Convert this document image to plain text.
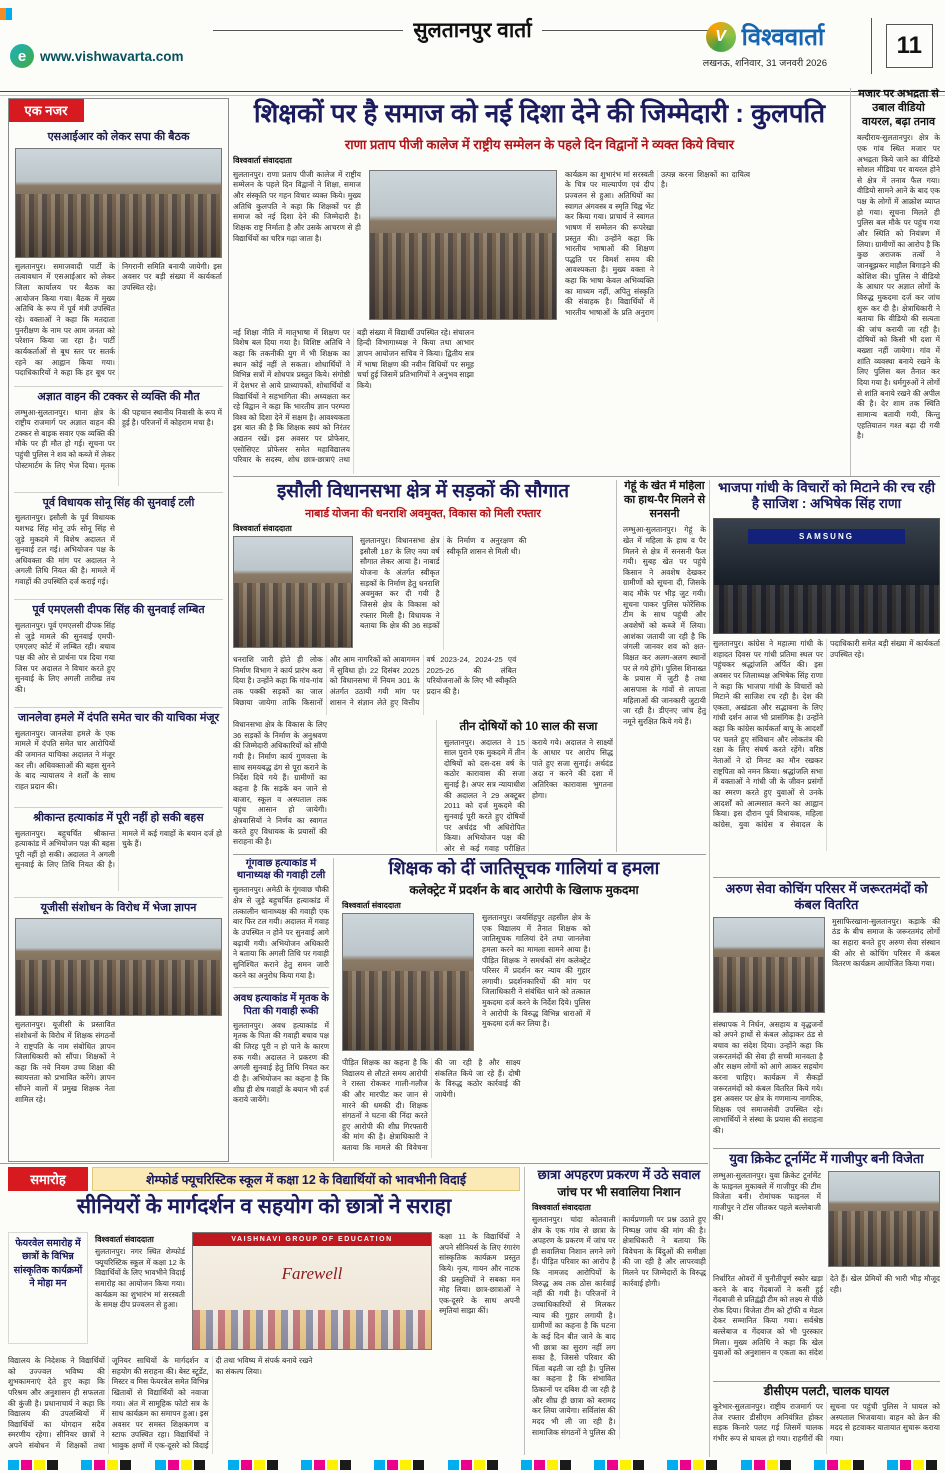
सुलतानपुर वार्ता
e	www.vishwavarta.com
V विश्ववार्ता
लखनऊ, शनिवार, 31 जनवरी 2026
11
एक नजर
एसआईआर को लेकर सपा की बैठक
सुलतानपुर। समाजवादी पार्टी के तत्वावधान में एसआईआर को लेकर जिला कार्यालय पर बैठक का आयोजन किया गया। बैठक में मुख्य अतिथि के रूप में पूर्व मंत्री उपस्थित रहे। वक्ताओं ने कहा कि मतदाता पुनरीक्षण के नाम पर आम जनता को परेशान किया जा रहा है। पार्टी कार्यकर्ताओं से बूथ स्तर पर सतर्क रहने का आह्वान किया गया। पदाधिकारियों ने कहा कि हर बूथ पर निगरानी समिति बनायी जायेगी। इस अवसर पर बड़ी संख्या में कार्यकर्ता उपस्थित रहे।
अज्ञात वाहन की टक्कर से व्यक्ति की मौत
लम्भुआ-सुलतानपुर। थाना क्षेत्र के राष्ट्रीय राजमार्ग पर अज्ञात वाहन की टक्कर से बाइक सवार एक व्यक्ति की मौके पर ही मौत हो गई। सूचना पर पहुंची पुलिस ने शव को कब्जे में लेकर पोस्टमार्टम के लिए भेज दिया। मृतक की पहचान स्थानीय निवासी के रूप में हुई है। परिजनों में कोहराम मचा है।
पूर्व विधायक सोनू सिंह की सुनवाई टली
सुलतानपुर। इसौली के पूर्व विधायक यशभद्र सिंह मोनू उर्फ सोनू सिंह से जुड़े मुकदमे में विशेष अदालत में सुनवाई टल गई। अभियोजन पक्ष के अधिवक्ता की मांग पर अदालत ने अगली तिथि नियत की है। मामले में गवाहों की उपस्थिति दर्ज कराई गई।
पूर्व एमएलसी दीपक सिंह की सुनवाई लम्बित
सुलतानपुर। पूर्व एमएलसी दीपक सिंह से जुड़े मामले की सुनवाई एमपी-एमएलए कोर्ट में लम्बित रही। बचाव पक्ष की ओर से प्रार्थना पत्र दिया गया जिस पर अदालत ने विचार करते हुए सुनवाई के लिए अगली तारीख तय की।
जानलेवा हमले में दंपति समेत चार की याचिका मंजूर
सुलतानपुर। जानलेवा हमले के एक मामले में दंपति समेत चार आरोपियों की जमानत याचिका अदालत ने मंजूर कर ली। अधिवक्ताओं की बहस सुनने के बाद न्यायालय ने शर्तों के साथ राहत प्रदान की।
श्रीकान्त हत्याकांड में पूरी नहीं हो सकी बहस
सुलतानपुर। बहुचर्चित श्रीकान्त हत्याकांड में अभियोजन पक्ष की बहस पूरी नहीं हो सकी। अदालत ने अगली सुनवाई के लिए तिथि नियत की है। मामले में कई गवाहों के बयान दर्ज हो चुके हैं।
यूजीसी संशोधन के विरोध में भेजा ज्ञापन
सुलतानपुर। यूजीसी के प्रस्तावित संशोधनों के विरोध में शिक्षक संगठनों ने राष्ट्रपति के नाम संबोधित ज्ञापन जिलाधिकारी को सौंपा। शिक्षकों ने कहा कि नये नियम उच्च शिक्षा की स्वायत्तता को प्रभावित करेंगे। ज्ञापन सौंपने वालों में प्रमुख शिक्षक नेता शामिल रहे।
शिक्षकों पर है समाज को नई दिशा देने की जिम्मेदारी : कुलपति
राणा प्रताप पीजी कालेज में राष्ट्रीय सम्मेलन के पहले दिन विद्वानों ने व्यक्त किये विचार
विश्ववार्ता संवाददाता
सुलतानपुर। राणा प्रताप पीजी कालेज में राष्ट्रीय सम्मेलन के पहले दिन विद्वानों ने शिक्षा, समाज और संस्कृति पर गहन विचार व्यक्त किये। मुख्य अतिथि कुलपति ने कहा कि शिक्षकों पर ही समाज को नई दिशा देने की जिम्मेदारी है। शिक्षक राष्ट्र निर्माता है और उसके आचरण से ही विद्यार्थियों का चरित्र गढ़ा जाता है।
कार्यक्रम का शुभारंभ मां सरस्वती के चित्र पर माल्यार्पण एवं दीप प्रज्वलन से हुआ। अतिथियों का स्वागत अंगवस्त्र व स्मृति चिह्न भेंट कर किया गया। प्राचार्य ने स्वागत भाषण में सम्मेलन की रूपरेखा प्रस्तुत की। उन्होंने कहा कि भारतीय भाषाओं की शिक्षण पद्धति पर विमर्श समय की आवश्यकता है। मुख्य वक्ता ने कहा कि भाषा केवल अभिव्यक्ति का माध्यम नहीं, अपितु संस्कृति की संवाहक है। विद्यार्थियों में भारतीय भाषाओं के प्रति अनुराग उत्पन्न करना शिक्षकों का दायित्व है।
नई शिक्षा नीति में मातृभाषा में शिक्षण पर विशेष बल दिया गया है। विशिष्ट अतिथि ने कहा कि तकनीकी युग में भी शिक्षक का स्थान कोई नहीं ले सकता। शोधार्थियों ने विभिन्न सत्रों में शोधपत्र प्रस्तुत किये। संगोष्ठी में देशभर से आये प्राध्यापकों, शोधार्थियों व विद्यार्थियों ने सहभागिता की। अध्यक्षता कर रहे विद्वान ने कहा कि भारतीय ज्ञान परम्परा विश्व को दिशा देने में सक्षम है। आवश्यकता इस बात की है कि शिक्षक स्वयं को निरंतर अद्यतन रखें। इस अवसर पर प्रोफेसर, एसोसिएट प्रोफेसर समेत महाविद्यालय परिवार के सदस्य, शोध छात्र-छात्राएं तथा बड़ी संख्या में विद्यार्थी उपस्थित रहे। संचालन हिन्दी विभागाध्यक्ष ने किया तथा आभार ज्ञापन आयोजन सचिव ने किया। द्वितीय सत्र में भाषा शिक्षण की नवीन विधियों पर समूह चर्चा हुई जिसमें प्रतिभागियों ने अनुभव साझा किये।
मजार पर अभद्रता से उबाल वीडियो वायरल, बढ़ा तनाव
बल्दीराय-सुलतानपुर। क्षेत्र के एक गांव स्थित मजार पर अभद्रता किये जाने का वीडियो सोशल मीडिया पर वायरल होने से क्षेत्र में तनाव फैल गया। वीडियो सामने आने के बाद एक पक्ष के लोगों में आक्रोश व्याप्त हो गया। सूचना मिलते ही पुलिस बल मौके पर पहुंच गया और स्थिति को नियंत्रण में लिया। ग्रामीणों का आरोप है कि कुछ अराजक तत्वों ने जानबूझकर माहौल बिगाड़ने की कोशिश की। पुलिस ने वीडियो के आधार पर अज्ञात लोगों के विरुद्ध मुकदमा दर्ज कर जांच शुरू कर दी है। क्षेत्राधिकारी ने बताया कि वीडियो की सत्यता की जांच करायी जा रही है। दोषियों को किसी भी दशा में बख्शा नहीं जायेगा। गांव में शांति व्यवस्था बनाये रखने के लिए पुलिस बल तैनात कर दिया गया है। धर्मगुरुओं ने लोगों से शांति बनाये रखने की अपील की है। देर शाम तक स्थिति सामान्य बतायी गयी, किन्तु एहतियातन गश्त बढ़ा दी गयी है।
इसौली विधानसभा क्षेत्र में सड़कों की सौगात
नाबार्ड योजना की धनराशि अवमुक्त, विकास को मिली रफ्तार
विश्ववार्ता संवाददाता
सुलतानपुर। विधानसभा क्षेत्र इसौली 187 के लिए नया वर्ष सौगात लेकर आया है। नाबार्ड योजना के अंतर्गत स्वीकृत सड़कों के निर्माण हेतु धनराशि अवमुक्त कर दी गयी है जिससे क्षेत्र के विकास को रफ्तार मिली है। विधायक ने बताया कि क्षेत्र की 36 सड़कों के निर्माण व अनुरक्षण की स्वीकृति शासन से मिली थी।
धनराशि जारी होते ही लोक निर्माण विभाग ने कार्य प्रारंभ करा दिया है। उन्होंने कहा कि गांव-गांव तक पक्की सड़कों का जाल बिछाया जायेगा ताकि किसानों और आम नागरिकों को आवागमन में सुविधा हो। 22 दिसंबर 2025 को विधानसभा में नियम 301 के अंतर्गत उठायी गयी मांग पर शासन ने संज्ञान लेते हुए वित्तीय वर्ष 2023-24, 2024-25 एवं 2025-26 की लंबित परियोजनाओं के लिए भी स्वीकृति प्रदान की है।
विधानसभा क्षेत्र के विकास के लिए 36 सड़कों के निर्माण के अनुश्रवण की जिम्मेदारी अधिकारियों को सौंपी गयी है। निर्माण कार्य गुणवत्ता के साथ समयबद्ध ढंग से पूरा कराने के निर्देश दिये गये हैं। ग्रामीणों का कहना है कि सड़कें बन जाने से बाजार, स्कूल व अस्पताल तक पहुंच आसान हो जायेगी। क्षेत्रवासियों ने निर्णय का स्वागत करते हुए विधायक के प्रयासों की सराहना की है।
तीन दोषियों को 10 साल की सजा
सुलतानपुर। अदालत ने 15 साल पुराने एक मुकदमे में तीन दोषियों को दस-दस वर्ष के कठोर कारावास की सजा सुनाई है। अपर सत्र न्यायाधीश की अदालत ने 29 अक्टूबर 2011 को दर्ज मुकदमे की सुनवाई पूरी करते हुए दोषियों पर अर्थदंड भी अधिरोपित किया। अभियोजन पक्ष की ओर से कई गवाह परीक्षित कराये गये। अदालत ने साक्ष्यों के आधार पर आरोप सिद्ध पाते हुए सजा सुनाई। अर्थदंड अदा न करने की दशा में अतिरिक्त कारावास भुगतना होगा।
गेहूं के खेत में महिला का हाथ-पैर मिलने से सनसनी
लम्भुआ-सुलतानपुर। गेहूं के खेत में महिला के हाथ व पैर मिलने से क्षेत्र में सनसनी फैल गयी। सुबह खेत पर पहुंचे किसान ने अवशेष देखकर ग्रामीणों को सूचना दी, जिसके बाद मौके पर भीड़ जुट गयी। सूचना पाकर पुलिस फोरेंसिक टीम के साथ पहुंची और अवशेषों को कब्जे में लिया। आशंका जतायी जा रही है कि जंगली जानवर शव को क्षत-विक्षत कर अलग-अलग स्थानों पर ले गये होंगे। पुलिस शिनाख्त के प्रयास में जुटी है तथा आसपास के गांवों से लापता महिलाओं की जानकारी जुटायी जा रही है। डीएनए जांच हेतु नमूने सुरक्षित किये गये हैं।
भाजपा गांधी के विचारों को मिटाने की रच रही है साजिश : अभिषेक सिंह राणा
SAMSUNG
सुलतानपुर। कांग्रेस ने महात्मा गांधी के शहादत दिवस पर गांधी प्रतिमा स्थल पर पहुंचकर श्रद्धांजलि अर्पित की। इस अवसर पर जिलाध्यक्ष अभिषेक सिंह राणा ने कहा कि भाजपा गांधी के विचारों को मिटाने की साजिश रच रही है। देश की एकता, अखंडता और सद्भावना के लिए गांधी दर्शन आज भी प्रासंगिक है। उन्होंने कहा कि कांग्रेस कार्यकर्ता बापू के आदर्शों पर चलते हुए संविधान और लोकतंत्र की रक्षा के लिए संघर्ष करते रहेंगे। वरिष्ठ नेताओं ने दो मिनट का मौन रखकर राष्ट्रपिता को नमन किया। श्रद्धांजलि सभा में वक्ताओं ने गांधी जी के जीवन प्रसंगों का स्मरण करते हुए युवाओं से उनके आदर्शों को आत्मसात करने का आह्वान किया। इस दौरान पूर्व विधायक, महिला कांग्रेस, युवा कांग्रेस व सेवादल के पदाधिकारी समेत बड़ी संख्या में कार्यकर्ता उपस्थित रहे।
अरुण सेवा कोचिंग परिसर में जरूरतमंदों को कंबल वितरित
मुसाफिरखाना-सुलतानपुर। कड़ाके की ठंड के बीच समाज के जरूरतमंद लोगों का सहारा बनते हुए अरुण सेवा संस्थान की ओर से कोचिंग परिसर में कंबल वितरण कार्यक्रम आयोजित किया गया।
संस्थापक ने निर्धन, असहाय व वृद्धजनों को अपने हाथों से कंबल ओढ़ाकर ठंड से बचाव का संदेश दिया। उन्होंने कहा कि जरूरतमंदों की सेवा ही सच्ची मानवता है और सक्षम लोगों को आगे आकर सहयोग करना चाहिए। कार्यक्रम में सैकड़ों जरूरतमंदों को कंबल वितरित किये गये। इस अवसर पर क्षेत्र के गणमान्य नागरिक, शिक्षक एवं समाजसेवी उपस्थित रहे। लाभार्थियों ने संस्था के प्रयास की सराहना की।
युवा क्रिकेट टूर्नामेंट में गाजीपुर बनी विजेता
लम्भुआ-सुलतानपुर। युवा क्रिकेट टूर्नामेंट के फाइनल मुकाबले में गाजीपुर की टीम विजेता बनी। रोमांचक फाइनल में गाजीपुर ने टॉस जीतकर पहले बल्लेबाजी की।
निर्धारित ओवरों में चुनौतीपूर्ण स्कोर खड़ा करने के बाद गेंदबाजों ने कसी हुई गेंदबाजी से प्रतिद्वंद्वी टीम को लक्ष्य से पीछे रोक दिया। विजेता टीम को ट्रॉफी व मेडल देकर सम्मानित किया गया। सर्वश्रेष्ठ बल्लेबाज व गेंदबाज को भी पुरस्कार मिला। मुख्य अतिथि ने कहा कि खेल युवाओं को अनुशासन व एकता का संदेश देते हैं। खेल प्रेमियों की भारी भीड़ मौजूद रही।
डीसीएम पलटी, चालक घायल
कूरेभार-सुलतानपुर। राष्ट्रीय राजमार्ग पर तेज रफ्तार डीसीएम अनियंत्रित होकर सड़क किनारे पलट गई जिसमें चालक गंभीर रूप से घायल हो गया। राहगीरों की सूचना पर पहुंची पुलिस ने घायल को अस्पताल भिजवाया। वाहन को क्रेन की मदद से हटवाकर यातायात सुचारू कराया गया।
गूंगवाछ हत्याकांड में थानाध्यक्ष की गवाही टली
सुलतानपुर। अमेठी के गूंगवाछ चौकी क्षेत्र से जुड़े बहुचर्चित हत्याकांड में तत्कालीन थानाध्यक्ष की गवाही एक बार फिर टल गयी। अदालत में गवाह के उपस्थित न होने पर सुनवाई आगे बढ़ायी गयी। अभियोजन अधिकारी ने बताया कि अगली तिथि पर गवाही सुनिश्चित कराने हेतु समन जारी करने का अनुरोध किया गया है।
अवध हत्याकांड में मृतक के पिता की गवाही रूकी
सुलतानपुर। अवध हत्याकांड में मृतक के पिता की गवाही बचाव पक्ष की जिरह पूरी न हो पाने के कारण रुक गयी। अदालत ने प्रकरण की अगली सुनवाई हेतु तिथि नियत कर दी है। अभियोजन का कहना है कि शीघ्र ही शेष गवाहों के बयान भी दर्ज कराये जायेंगे।
शिक्षक को दीं जातिसूचक गालियां व हमला
कलेक्ट्रेट में प्रदर्शन के बाद आरोपी के खिलाफ मुकदमा
विश्ववार्ता संवाददाता
सुलतानपुर। जयसिंहपुर तहसील क्षेत्र के एक विद्यालय में तैनात शिक्षक को जातिसूचक गालियां देने तथा जानलेवा हमला करने का मामला सामने आया है। पीड़ित शिक्षक ने समर्थकों संग कलेक्ट्रेट परिसर में प्रदर्शन कर न्याय की गुहार लगायी। प्रदर्शनकारियों की मांग पर जिलाधिकारी ने संबंधित थाने को तत्काल मुकदमा दर्ज करने के निर्देश दिये। पुलिस ने आरोपी के विरुद्ध विभिन्न धाराओं में मुकदमा दर्ज कर लिया है।
पीड़ित शिक्षक का कहना है कि विद्यालय से लौटते समय आरोपी ने रास्ता रोककर गाली-गलौज की और मारपीट कर जान से मारने की धमकी दी। शिक्षक संगठनों ने घटना की निंदा करते हुए आरोपी की शीघ्र गिरफ्तारी की मांग की है। क्षेत्राधिकारी ने बताया कि मामले की विवेचना की जा रही है और साक्ष्य संकलित किये जा रहे हैं। दोषी के विरुद्ध कठोर कार्रवाई की जायेगी।
समारोह	शेम्फोर्ड फ्यूचरिस्टिक स्कूल में कक्षा 12 के विद्यार्थियों को भावभीनी विदाई
सीनियरों के मार्गदर्शन व सहयोग को छात्रों ने सराहा
फेयरवेल समारोह में छात्रों के विभिन्न सांस्कृतिक कार्यक्रमों ने मोहा मन
विश्ववार्ता संवाददाता
सुलतानपुर। नगर स्थित शेम्फोर्ड फ्यूचरिस्टिक स्कूल में कक्षा 12 के विद्यार्थियों के लिए भावभीने विदाई समारोह का आयोजन किया गया। कार्यक्रम का शुभारंभ मां सरस्वती के समक्ष दीप प्रज्वलन से हुआ।
VAISHNAVI GROUP OF EDUCATION
Farewell
कक्षा 11 के विद्यार्थियों ने अपने सीनियर्स के लिए रंगारंग सांस्कृतिक कार्यक्रम प्रस्तुत किये। नृत्य, गायन और नाटक की प्रस्तुतियों ने सबका मन मोह लिया। छात्र-छात्राओं ने एक-दूसरे के साथ अपनी स्मृतियां साझा कीं।
विद्यालय के निदेशक ने विद्यार्थियों को उज्ज्वल भविष्य की शुभकामनाएं देते हुए कहा कि परिश्रम और अनुशासन ही सफलता की कुंजी है। प्रधानाचार्य ने कहा कि विद्यालय की उपलब्धियों में विद्यार्थियों का योगदान सदैव स्मरणीय रहेगा। सीनियर छात्रों ने अपने संबोधन में शिक्षकों तथा जूनियर साथियों के मार्गदर्शन व सहयोग की सराहना की। बेस्ट स्टूडेंट, मिस्टर व मिस फेयरवेल समेत विभिन्न खिताबों से विद्यार्थियों को नवाजा गया। अंत में सामूहिक फोटो सत्र के साथ कार्यक्रम का समापन हुआ। इस अवसर पर समस्त शिक्षकगण व स्टाफ उपस्थित रहा। विद्यार्थियों ने भावुक क्षणों में एक-दूसरे को विदाई दी तथा भविष्य में संपर्क बनाये रखने का संकल्प लिया।
छात्रा अपहरण प्रकरण में उठे सवाल
जांच पर भी सवालिया निशान
विश्ववार्ता संवाददाता
सुलतानपुर। चांदा कोतवाली क्षेत्र के एक गांव से छात्रा के अपहरण के प्रकरण में जांच पर ही सवालिया निशान लगने लगे हैं। पीड़ित परिवार का आरोप है कि नामजद आरोपियों के विरुद्ध अब तक ठोस कार्रवाई नहीं की गयी है। परिजनों ने उच्चाधिकारियों से मिलकर न्याय की गुहार लगायी है। ग्रामीणों का कहना है कि घटना के कई दिन बीत जाने के बाद भी छात्रा का सुराग नहीं लग सका है, जिससे परिवार की चिंता बढ़ती जा रही है। पुलिस का कहना है कि संभावित ठिकानों पर दबिश दी जा रही है और शीघ्र ही छात्रा को बरामद कर लिया जायेगा। सर्विलांस की मदद भी ली जा रही है। सामाजिक संगठनों ने पुलिस की कार्यप्रणाली पर प्रश्न उठाते हुए निष्पक्ष जांच की मांग की है। क्षेत्राधिकारी ने बताया कि विवेचना के बिंदुओं की समीक्षा की जा रही है और लापरवाही मिलने पर जिम्मेदारों के विरुद्ध कार्रवाई होगी।
